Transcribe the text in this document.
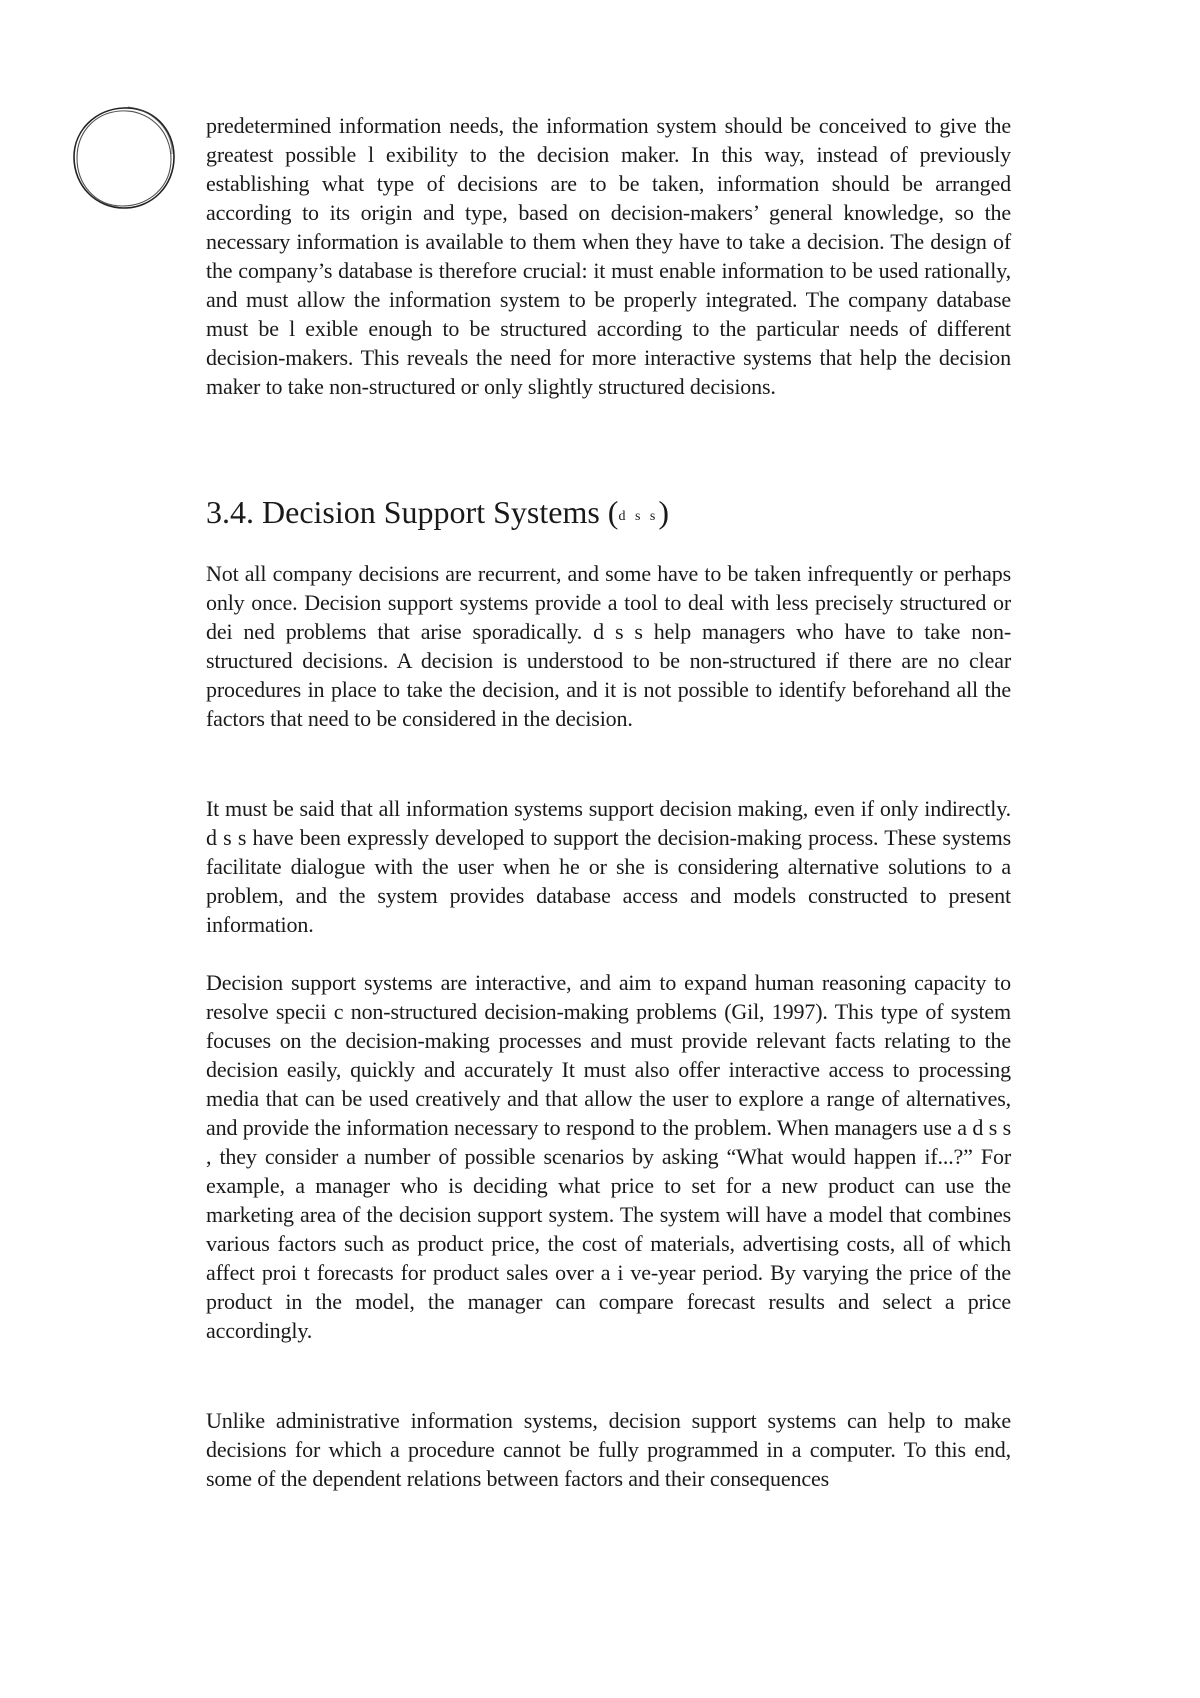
predetermined information needs, the information system should be conceived to give the greatest possible l exibility to the decision maker. In this way, instead of previously establishing what type of decisions are to be taken, information should be arranged according to its origin and type, based on decision-makers’ general knowledge, so the necessary information is available to them when they have to take a decision. The design of the company’s database is therefore crucial: it must enable information to be used rationally, and must allow the information system to be properly integrated. The company database must be l exible enough to be structured according to the particular needs of different decision-makers. This reveals the need for more interactive systems that help the decision maker to take non-structured or only slightly structured decisions.

3.4. Decision Support Systems (d s s)

Not all company decisions are recurrent, and some have to be taken infrequently or perhaps only once. Decision support systems provide a tool to deal with less precisely structured or dei ned problems that arise sporadically. d s s help managers who have to take non-structured decisions. A decision is understood to be non-structured if there are no clear procedures in place to take the decision, and it is not possible to identify beforehand all the factors that need to be considered in the decision.

It must be said that all information systems support decision making, even if only indirectly. d s s have been expressly developed to support the decision-making process. These systems facilitate dialogue with the user when he or she is considering alternative solutions to a problem, and the system provides database access and models constructed to present information.

Decision support systems are interactive, and aim to expand human reasoning capacity to resolve specii c non-structured decision-making problems (Gil, 1997). This type of system focuses on the decision-making processes and must provide relevant facts relating to the decision easily, quickly and accurately It must also offer interactive access to processing media that can be used creatively and that allow the user to explore a range of alternatives, and provide the information necessary to respond to the problem. When managers use a d s s , they consider a number of possible scenarios by asking “What would happen if...?” For example, a manager who is deciding what price to set for a new product can use the marketing area of the decision support system. The system will have a model that combines various factors such as product price, the cost of materials, advertising costs, all of which affect proi t forecasts for product sales over a i ve-year period. By varying the price of the product in the model, the manager can compare forecast results and select a price accordingly.

Unlike administrative information systems, decision support systems can help to make decisions for which a procedure cannot be fully programmed in a computer. To this end, some of the dependent relations between factors and their consequences
